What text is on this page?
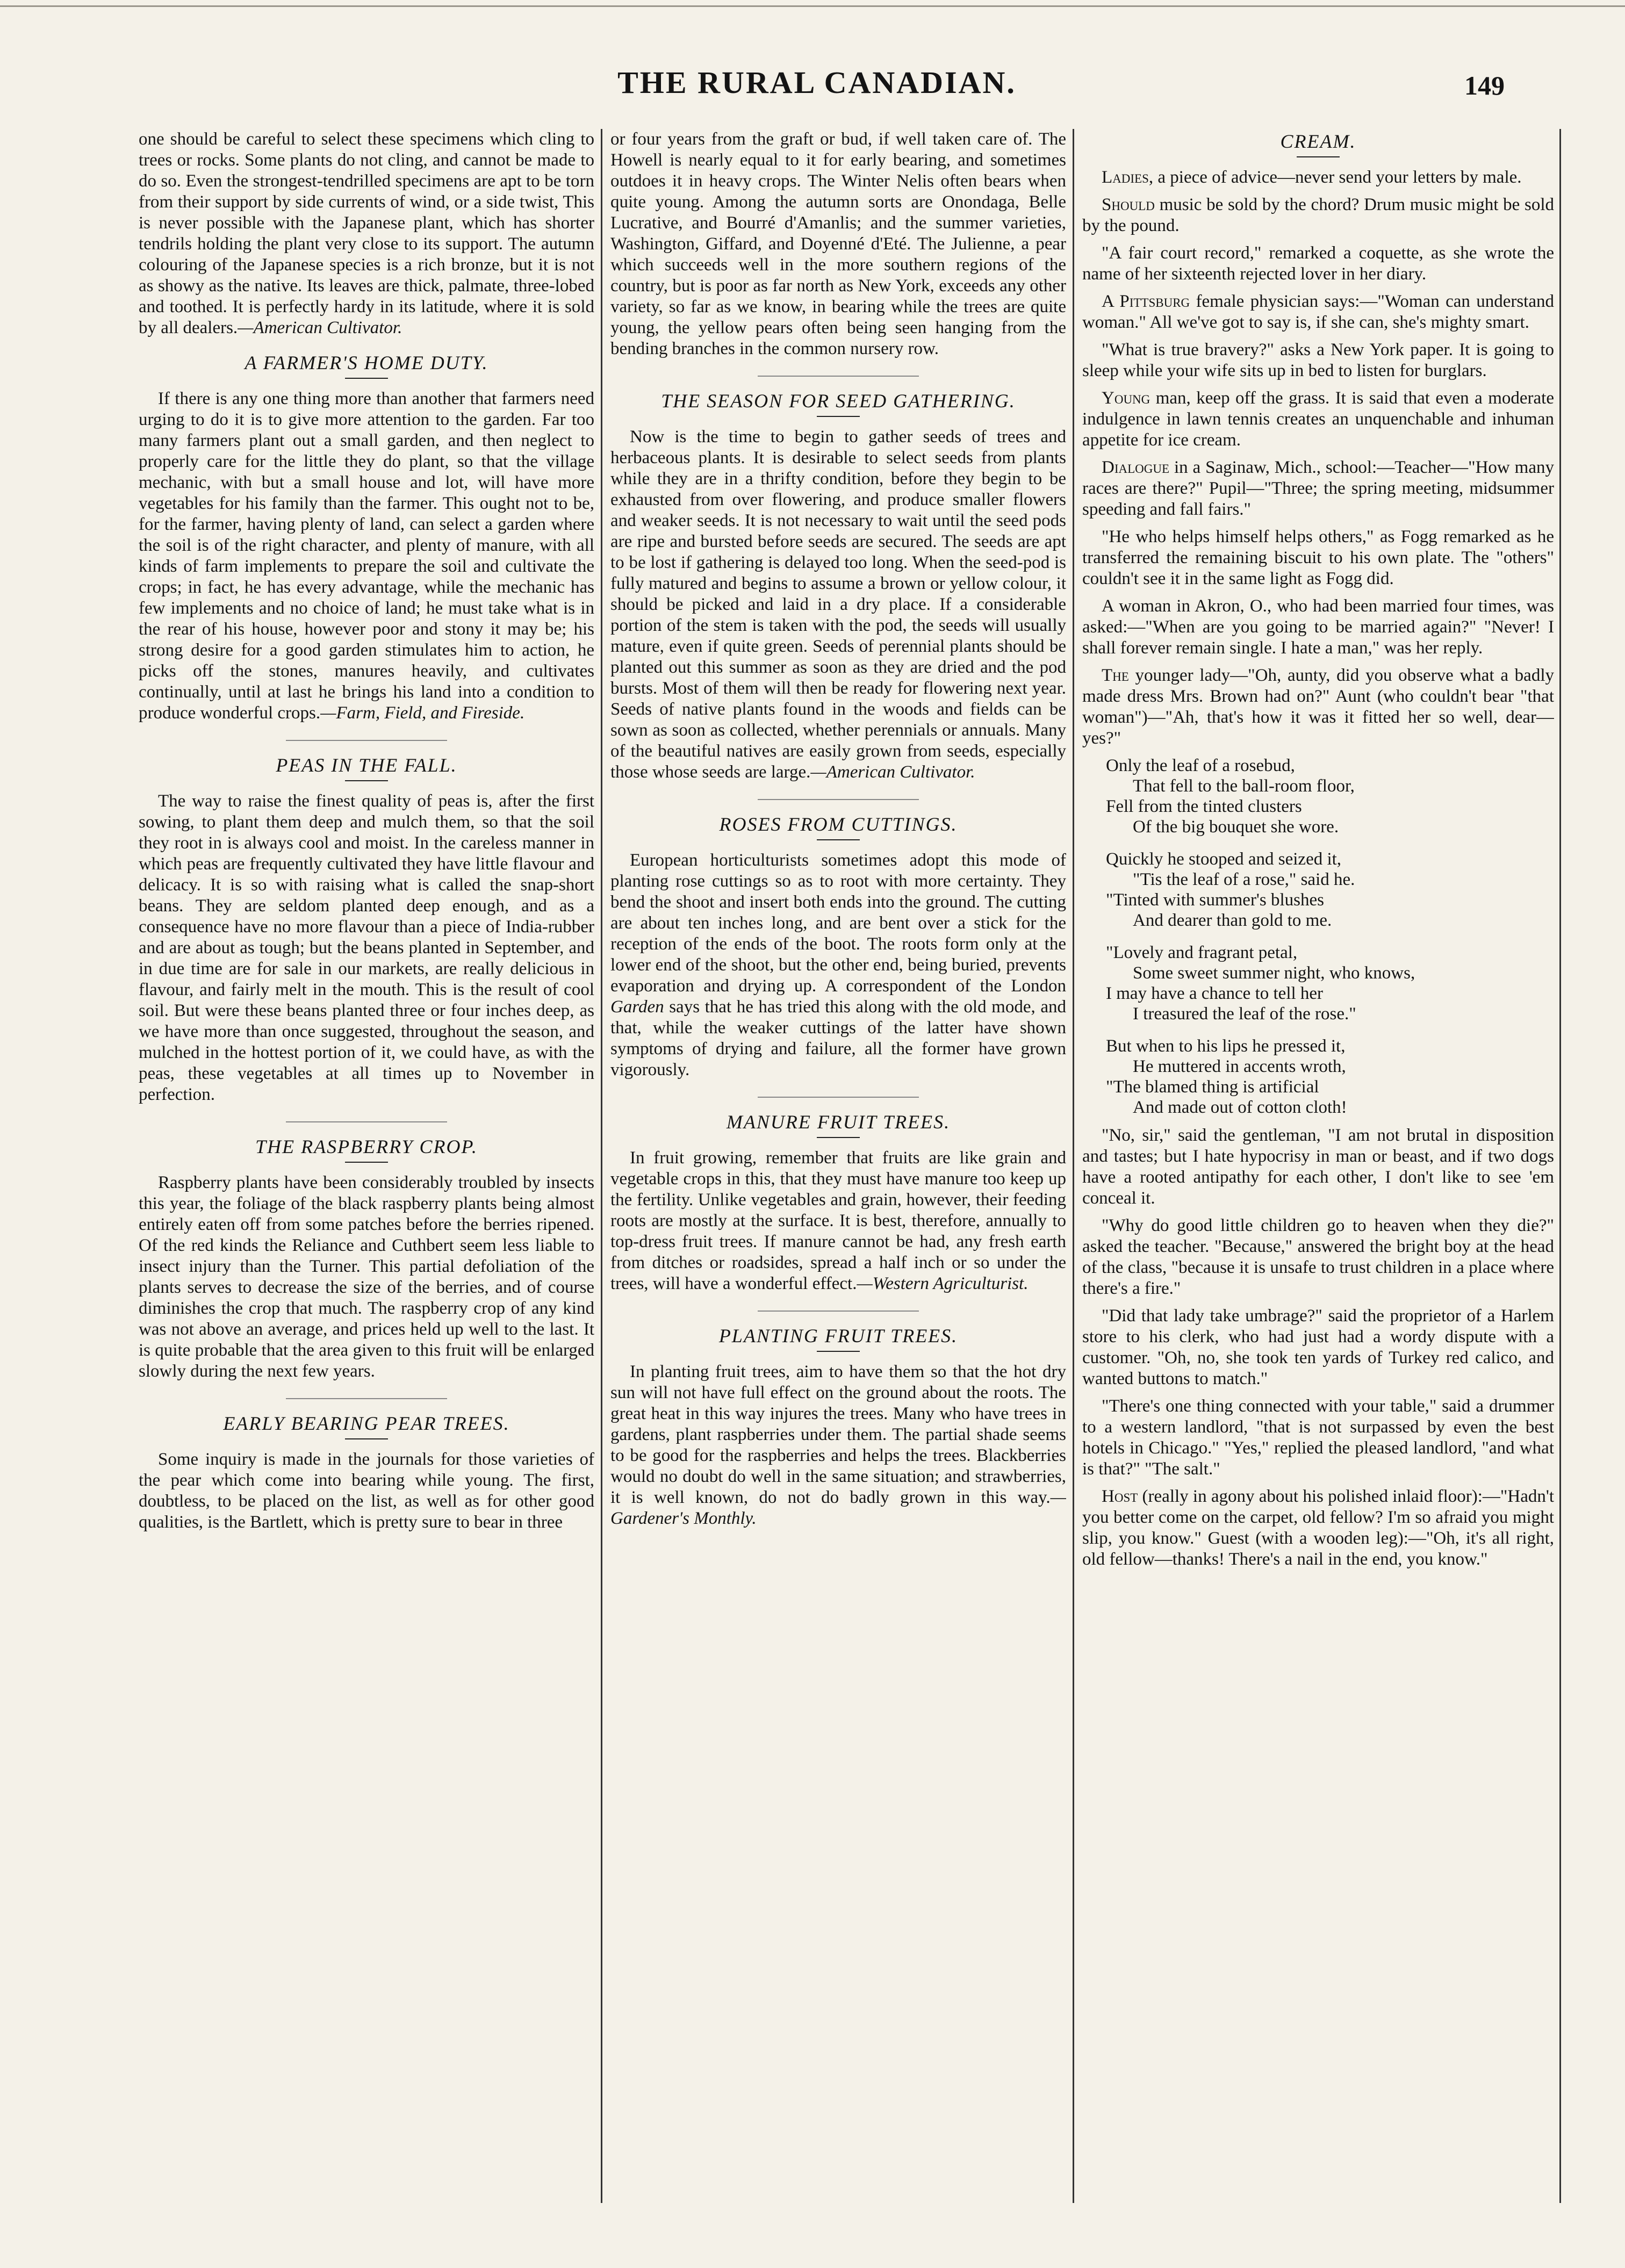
THE RURAL CANADIAN.	149

one should be careful to select these specimens which cling to trees or rocks. Some plants do not cling, and cannot be made to do so. Even the strongest-tendrilled specimens are apt to be torn from their support by side currents of wind, or a side twist, This is never possible with the Japanese plant, which has shorter tendrils holding the plant very close to its support. The autumn colouring of the Japanese species is a rich bronze, but it is not as showy as the native. Its leaves are thick, palmate, three-lobed and toothed. It is perfectly hardy in its latitude, where it is sold by all dealers.—American Cultivator.

A FARMER'S HOME DUTY.

If there is any one thing more than another that farmers need urging to do it is to give more attention to the garden. Far too many farmers plant out a small garden, and then neglect to properly care for the little they do plant, so that the village mechanic, with but a small house and lot, will have more vegetables for his family than the farmer. This ought not to be, for the farmer, having plenty of land, can select a garden where the soil is of the right character, and plenty of manure, with all kinds of farm implements to prepare the soil and cultivate the crops; in fact, he has every advantage, while the mechanic has few implements and no choice of land; he must take what is in the rear of his house, however poor and stony it may be; his strong desire for a good garden stimulates him to action, he picks off the stones, manures heavily, and cultivates continually, until at last he brings his land into a condition to produce wonderful crops.—Farm, Field, and Fireside.

PEAS IN THE FALL.

The way to raise the finest quality of peas is, after the first sowing, to plant them deep and mulch them, so that the soil they root in is always cool and moist. In the careless manner in which peas are frequently cultivated they have little flavour and delicacy. It is so with raising what is called the snap-short beans. They are seldom planted deep enough, and as a consequence have no more flavour than a piece of India-rubber and are about as tough; but the beans planted in September, and in due time are for sale in our markets, are really delicious in flavour, and fairly melt in the mouth. This is the result of cool soil. But were these beans planted three or four inches deep, as we have more than once suggested, throughout the season, and mulched in the hottest portion of it, we could have, as with the peas, these vegetables at all times up to November in perfection.

THE RASPBERRY CROP.

Raspberry plants have been considerably troubled by insects this year, the foliage of the black raspberry plants being almost entirely eaten off from some patches before the berries ripened. Of the red kinds the Reliance and Cuthbert seem less liable to insect injury than the Turner. This partial defoliation of the plants serves to decrease the size of the berries, and of course diminishes the crop that much. The raspberry crop of any kind was not above an average, and prices held up well to the last. It is quite probable that the area given to this fruit will be enlarged slowly during the next few years.

EARLY BEARING PEAR TREES.

Some inquiry is made in the journals for those varieties of the pear which come into bearing while young. The first, doubtless, to be placed on the list, as well as for other good qualities, is the Bartlett, which is pretty sure to bear in three

or four years from the graft or bud, if well taken care of. The Howell is nearly equal to it for early bearing, and sometimes outdoes it in heavy crops. The Winter Nelis often bears when quite young. Among the autumn sorts are Onondaga, Belle Lucrative, and Bourré d'Amanlis; and the summer varieties, Washington, Giffard, and Doyenné d'Eté. The Julienne, a pear which succeeds well in the more southern regions of the country, but is poor as far north as New York, exceeds any other variety, so far as we know, in bearing while the trees are quite young, the yellow pears often being seen hanging from the bending branches in the common nursery row.

THE SEASON FOR SEED GATHERING.

Now is the time to begin to gather seeds of trees and herbaceous plants. It is desirable to select seeds from plants while they are in a thrifty condition, before they begin to be exhausted from over flowering, and produce smaller flowers and weaker seeds. It is not necessary to wait until the seed pods are ripe and bursted before seeds are secured. The seeds are apt to be lost if gathering is delayed too long. When the seed-pod is fully matured and begins to assume a brown or yellow colour, it should be picked and laid in a dry place. If a considerable portion of the stem is taken with the pod, the seeds will usually mature, even if quite green. Seeds of perennial plants should be planted out this summer as soon as they are dried and the pod bursts. Most of them will then be ready for flowering next year. Seeds of native plants found in the woods and fields can be sown as soon as collected, whether perennials or annuals. Many of the beautiful natives are easily grown from seeds, especially those whose seeds are large.—American Cultivator.

ROSES FROM CUTTINGS.

European horticulturists sometimes adopt this mode of planting rose cuttings so as to root with more certainty. They bend the shoot and insert both ends into the ground. The cutting are about ten inches long, and are bent over a stick for the reception of the ends of the boot. The roots form only at the lower end of the shoot, but the other end, being buried, prevents evaporation and drying up. A correspondent of the London Garden says that he has tried this along with the old mode, and that, while the weaker cuttings of the latter have shown symptoms of drying and failure, all the former have grown vigorously.

MANURE FRUIT TREES.

In fruit growing, remember that fruits are like grain and vegetable crops in this, that they must have manure too keep up the fertility. Unlike vegetables and grain, however, their feeding roots are mostly at the surface. It is best, therefore, annually to top-dress fruit trees. If manure cannot be had, any fresh earth from ditches or roadsides, spread a half inch or so under the trees, will have a wonderful effect.—Western Agriculturist.

PLANTING FRUIT TREES.

In planting fruit trees, aim to have them so that the hot dry sun will not have full effect on the ground about the roots. The great heat in this way injures the trees. Many who have trees in gardens, plant raspberries under them. The partial shade seems to be good for the raspberries and helps the trees. Blackberries would no doubt do well in the same situation; and strawberries, it is well known, do not do badly grown in this way.—Gardener's Monthly.

CREAM.

Ladies, a piece of advice—never send your letters by male.

Should music be sold by the chord? Drum music might be sold by the pound.

"A fair court record," remarked a coquette, as she wrote the name of her sixteenth rejected lover in her diary.

A Pittsburg female physician says:—"Woman can understand woman." All we've got to say is, if she can, she's mighty smart.

"What is true bravery?" asks a New York paper. It is going to sleep while your wife sits up in bed to listen for burglars.

Young man, keep off the grass. It is said that even a moderate indulgence in lawn tennis creates an unquenchable and inhuman appetite for ice cream.

Dialogue in a Saginaw, Mich., school:—Teacher—"How many races are there?" Pupil—"Three; the spring meeting, midsummer speeding and fall fairs."

"He who helps himself helps others," as Fogg remarked as he transferred the remaining biscuit to his own plate. The "others" couldn't see it in the same light as Fogg did.

A woman in Akron, O., who had been married four times, was asked:—"When are you going to be married again?" "Never! I shall forever remain single. I hate a man," was her reply.

The younger lady—"Oh, aunty, did you observe what a badly made dress Mrs. Brown had on?" Aunt (who couldn't bear "that woman")—"Ah, that's how it was it fitted her so well, dear—yes?"

Only the leaf of a rosebud,
That fell to the ball-room floor,
Fell from the tinted clusters
Of the big bouquet she wore.
Quickly he stooped and seized it,
"Tis the leaf of a rose," said he.
"Tinted with summer's blushes
And dearer than gold to me.
"Lovely and fragrant petal,
Some sweet summer night, who knows,
I may have a chance to tell her
I treasured the leaf of the rose."
But when to his lips he pressed it,
He muttered in accents wroth,
"The blamed thing is artificial
And made out of cotton cloth!

"No, sir," said the gentleman, "I am not brutal in disposition and tastes; but I hate hypocrisy in man or beast, and if two dogs have a rooted antipathy for each other, I don't like to see 'em conceal it.

"Why do good little children go to heaven when they die?" asked the teacher. "Because," answered the bright boy at the head of the class, "because it is unsafe to trust children in a place where there's a fire."

"Did that lady take umbrage?" said the proprietor of a Harlem store to his clerk, who had just had a wordy dispute with a customer. "Oh, no, she took ten yards of Turkey red calico, and wanted buttons to match."

"There's one thing connected with your table," said a drummer to a western landlord, "that is not surpassed by even the best hotels in Chicago." "Yes," replied the pleased landlord, "and what is that?" "The salt."

Host (really in agony about his polished inlaid floor):—"Hadn't you better come on the carpet, old fellow? I'm so afraid you might slip, you know." Guest (with a wooden leg):—"Oh, it's all right, old fellow—thanks! There's a nail in the end, you know."
